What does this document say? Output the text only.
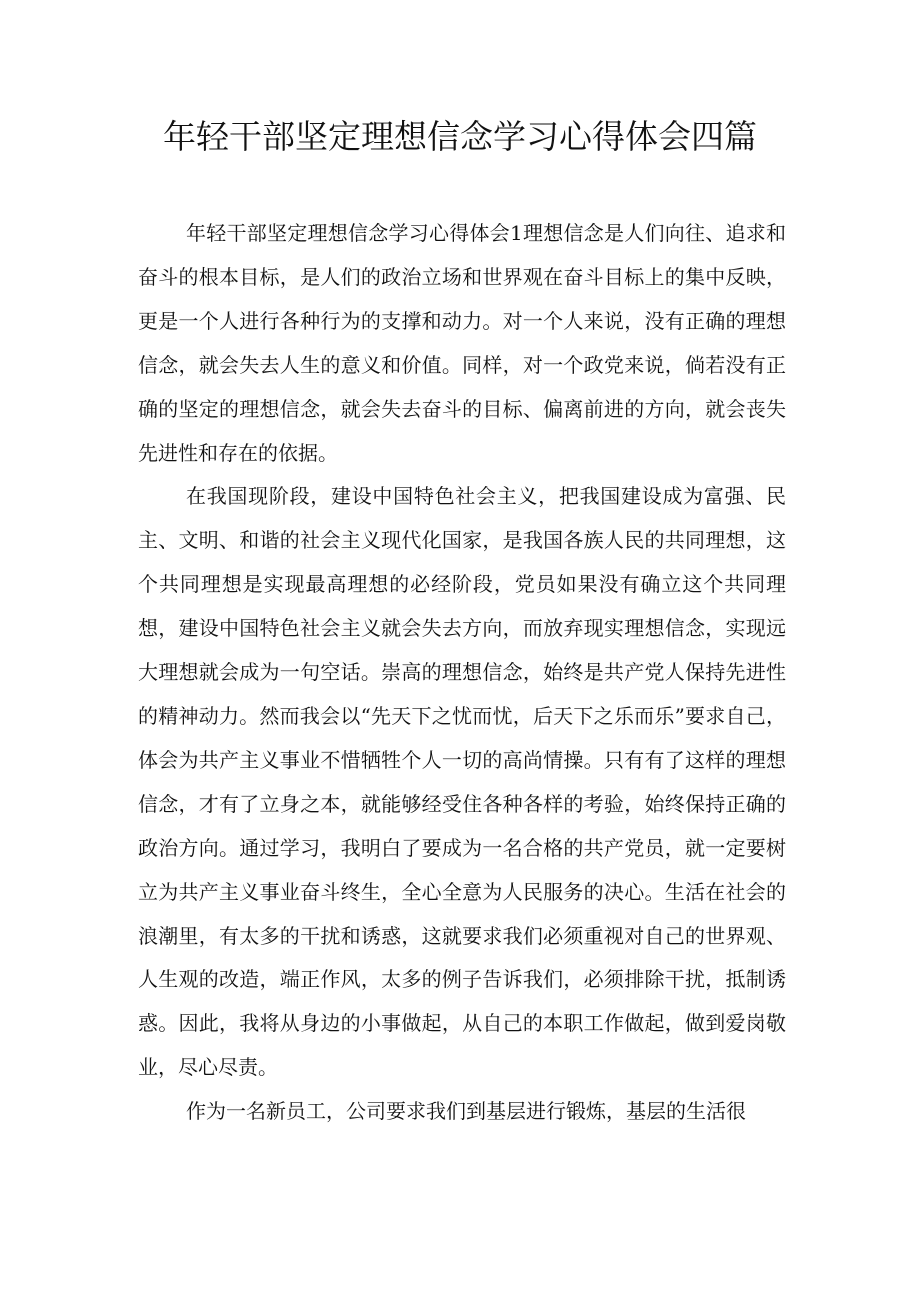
年轻干部坚定理想信念学习心得体会四篇

年轻干部坚定理想信念学习心得体会1理想信念是人们向往、追求和奋斗的根本目标，是人们的政治立场和世界观在奋斗目标上的集中反映，更是一个人进行各种行为的支撑和动力。对一个人来说，没有正确的理想信念，就会失去人生的意义和价值。同样，对一个政党来说，倘若没有正确的坚定的理想信念，就会失去奋斗的目标、偏离前进的方向，就会丧失先进性和存在的依据。

在我国现阶段，建设中国特色社会主义，把我国建设成为富强、民主、文明、和谐的社会主义现代化国家，是我国各族人民的共同理想，这个共同理想是实现最高理想的必经阶段，党员如果没有确立这个共同理想，建设中国特色社会主义就会失去方向，而放弃现实理想信念，实现远大理想就会成为一句空话。崇高的理想信念，始终是共产党人保持先进性的精神动力。然而我会以“先天下之忧而忧，后天下之乐而乐”要求自己，体会为共产主义事业不惜牺牲个人一切的高尚情操。只有有了这样的理想信念，才有了立身之本，就能够经受住各种各样的考验，始终保持正确的政治方向。通过学习，我明白了要成为一名合格的共产党员，就一定要树立为共产主义事业奋斗终生，全心全意为人民服务的决心。生活在社会的浪潮里，有太多的干扰和诱惑，这就要求我们必须重视对自己的世界观、人生观的改造，端正作风，太多的例子告诉我们，必须排除干扰，抵制诱惑。因此，我将从身边的小事做起，从自己的本职工作做起，做到爱岗敬业，尽心尽责。

作为一名新员工，公司要求我们到基层进行锻炼，基层的生活很
